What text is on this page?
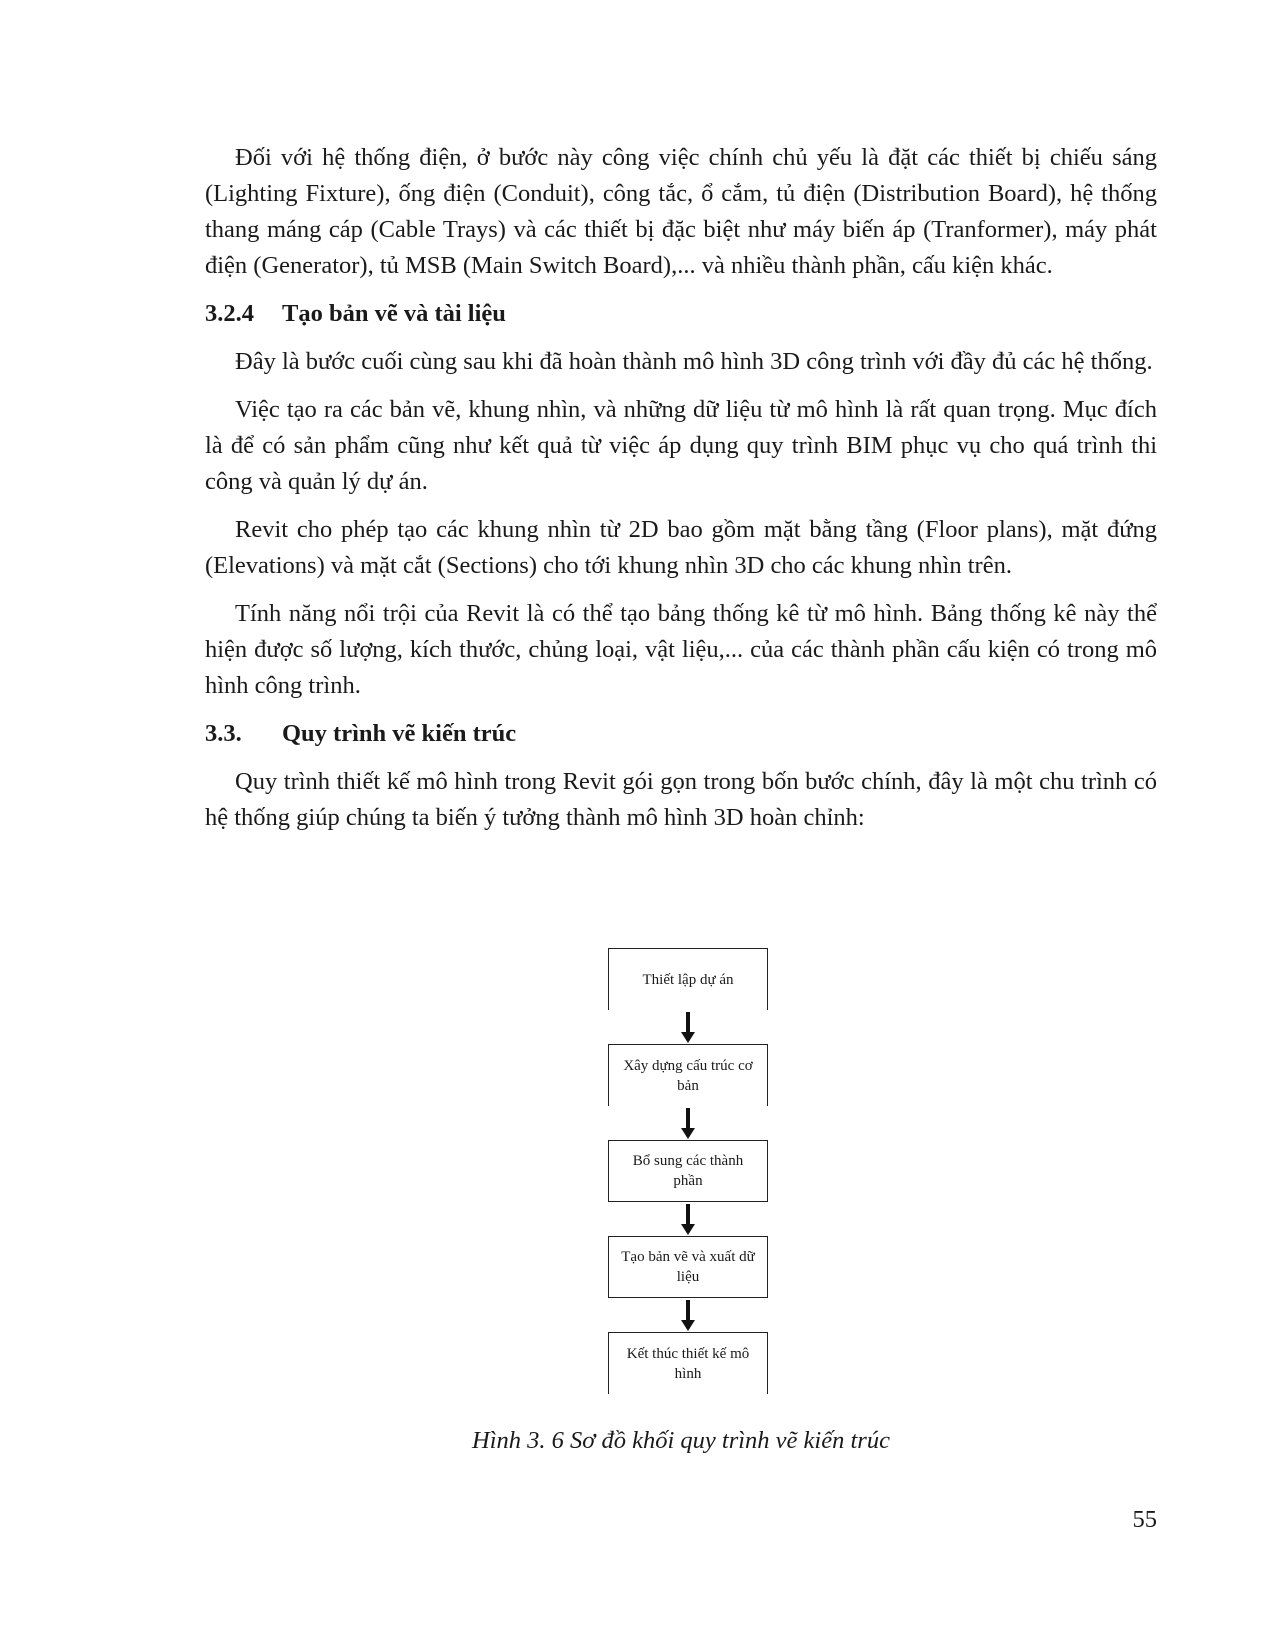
Đối với hệ thống điện, ở bước này công việc chính chủ yếu là đặt các thiết bị chiếu sáng (Lighting Fixture), ống điện (Conduit), công tắc, ổ cắm, tủ điện (Distribution Board), hệ thống thang máng cáp (Cable Trays) và các thiết bị đặc biệt như máy biến áp (Tranformer), máy phát điện (Generator), tủ MSB (Main Switch Board),... và nhiều thành phần, cấu kiện khác.

3.2.4	Tạo bản vẽ và tài liệu

Đây là bước cuối cùng sau khi đã hoàn thành mô hình 3D công trình với đầy đủ các hệ thống.

Việc tạo ra các bản vẽ, khung nhìn, và những dữ liệu từ mô hình là rất quan trọng. Mục đích là để có sản phẩm cũng như kết quả từ việc áp dụng quy trình BIM phục vụ cho quá trình thi công và quản lý dự án.

Revit cho phép tạo các khung nhìn từ 2D bao gồm mặt bằng tầng (Floor plans), mặt đứng (Elevations) và mặt cắt (Sections) cho tới khung nhìn 3D cho các khung nhìn trên.

Tính năng nổi trội của Revit là có thể tạo bảng thống kê từ mô hình. Bảng thống kê này thể hiện được số lượng, kích thước, chủng loại, vật liệu,... của các thành phần cấu kiện có trong mô hình công trình.

3.3.	Quy trình vẽ kiến trúc

Quy trình thiết kế mô hình trong Revit gói gọn trong bốn bước chính, đây là một chu trình có hệ thống giúp chúng ta biến ý tưởng thành mô hình 3D hoàn chỉnh:

Thiết lập dự án
Xây dựng cấu trúc cơ bản
Bổ sung các thành phần
Tạo bản vẽ và xuất dữ liệu
Kết thúc thiết kế mô hình
Hình 3. 6 Sơ đồ khối quy trình vẽ kiến trúc
55
